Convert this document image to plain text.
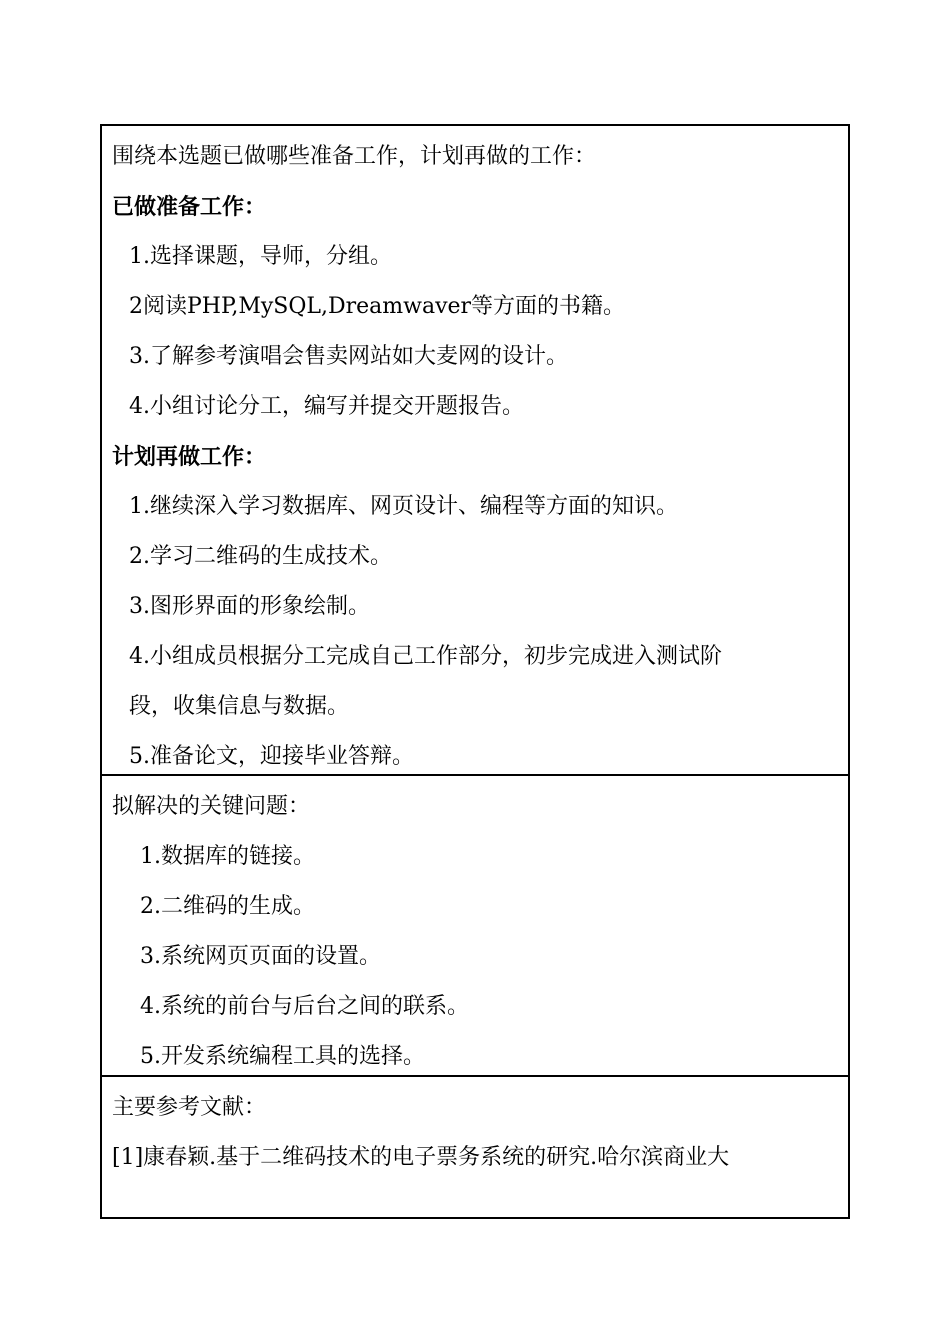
围绕本选题已做哪些准备工作，计划再做的工作：
已做准备工作：
1.选择课题，导师，分组。
2阅读PHP,MySQL,Dreamwaver等方面的书籍。
3.了解参考演唱会售卖网站如大麦网的设计。
4.小组讨论分工，编写并提交开题报告。
计划再做工作：
1.继续深入学习数据库、网页设计、编程等方面的知识。
2.学习二维码的生成技术。
3.图形界面的形象绘制。
4.小组成员根据分工完成自己工作部分，初步完成进入测试阶
段，收集信息与数据。
5.准备论文，迎接毕业答辩。
拟解决的关键问题：
1.数据库的链接。
2.二维码的生成。
3.系统网页页面的设置。
4.系统的前台与后台之间的联系。
5.开发系统编程工具的选择。
主要参考文献：
[1]康春颖.基于二维码技术的电子票务系统的研究.哈尔滨商业大
